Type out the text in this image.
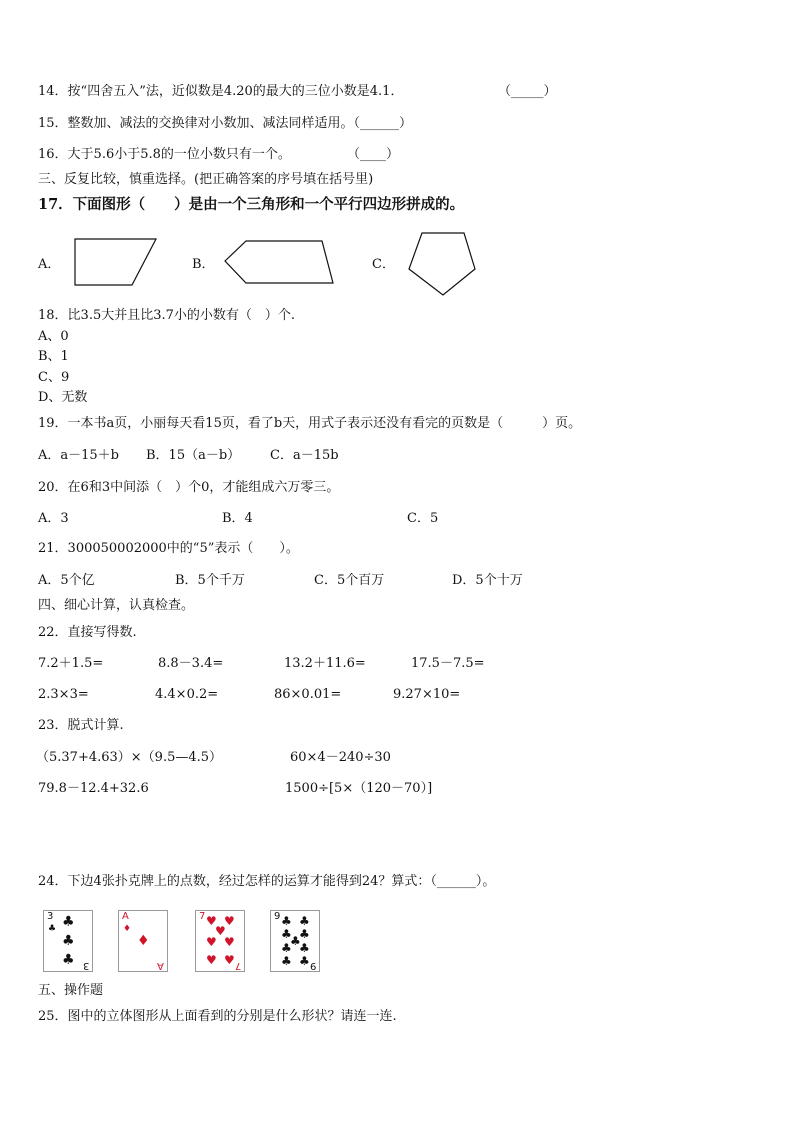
14．按“四舍五入”法，近似数是4.20的最大的三位小数是4.1．	（_____）
15．整数加、减法的交换律对小数加、减法同样适用。（______）
16．大于5.6小于5.8的一位小数只有一个。	（____）
三、反复比较，慎重选择。(把正确答案的序号填在括号里)
17．下面图形（　　）是由一个三角形和一个平行四边形拼成的。
A．	B．	C．
18．比3.5大并且比3.7小的小数有（　）个.
A、0
B、1
C、9
D、无数
19．一本书a页，小丽每天看15页，看了b天，用式子表示还没有看完的页数是（　　　）页。
A．a－15＋b B．15（a－b） C．a－15b
20．在6和3中间添（　）个0，才能组成六万零三。
A．3	B．4	C．5
21．300050002000中的“5”表示（　　）。
A．5个亿	B．5个千万	C．5个百万	D．5个十万
四、细心计算，认真检查。
22．直接写得数.
7.2＋1.5=	8.8－3.4=	13.2＋11.6=	17.5－7.5=
2.3×3=	4.4×0.2=	86×0.01=	9.27×10=
23．脱式计算.
（5.37+4.63）×（9.5—4.5）	60×4－240÷30
79.8－12.4+32.6	1500÷[5×（120－70）]
24．下边4张扑克牌上的点数，经过怎样的运算才能得到24？算式：（______）。
3
♣ ♣
♣
♣ 3
A
♦
♦
A
7 ♥ ♥
♥
♥ ♥
♥ ♥ 7
9 ♣ ♣
♣ ♣
♣
♣ ♣
♣ ♣ 9
五、操作题
25．图中的立体图形从上面看到的分别是什么形状？请连一连.
